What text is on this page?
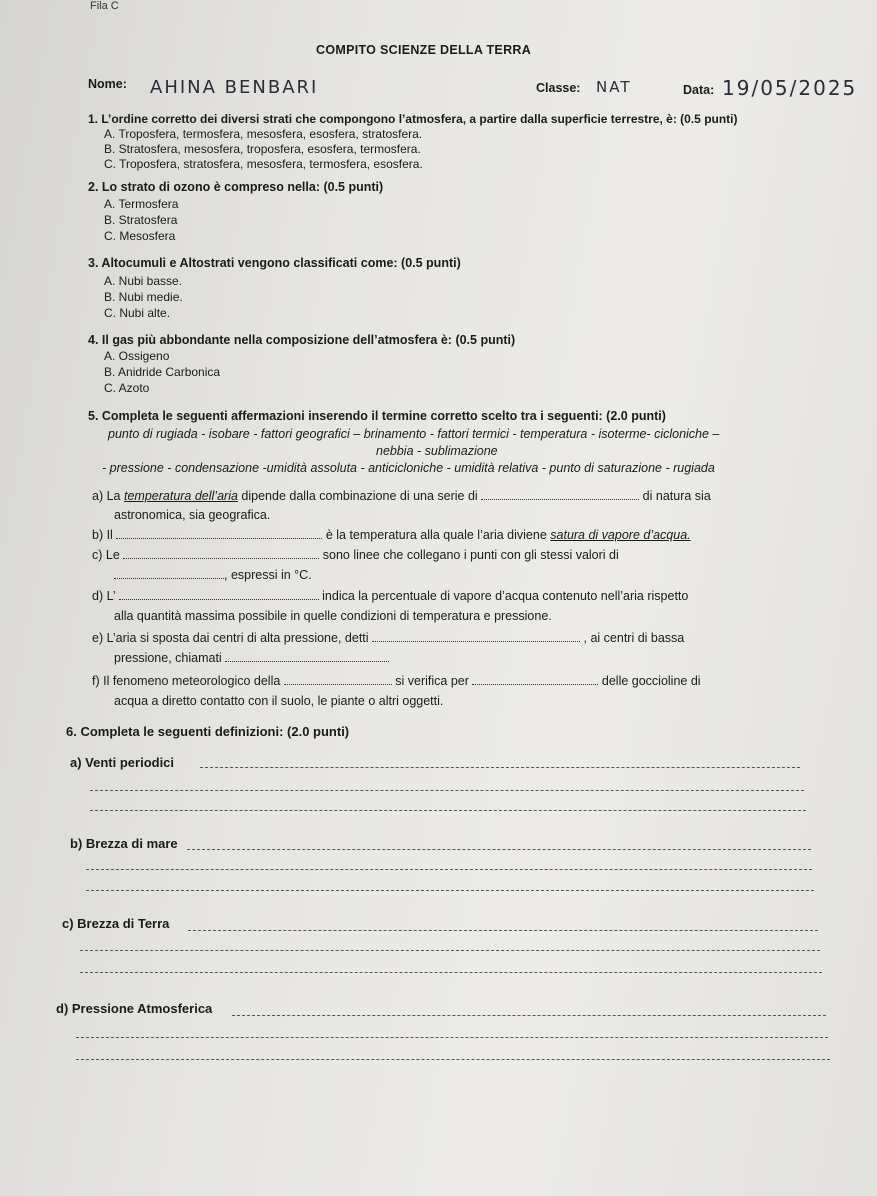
Fila C
COMPITO SCIENZE DELLA TERRA
Nome: AHINA BENBARI	Classe: NAT	Data: 19/05/2025
1. L’ordine corretto dei diversi strati che compongono l’atmosfera, a partire dalla superficie terrestre, è: (0.5 punti)
A. Troposfera, termosfera, mesosfera, esosfera, stratosfera.
B. Stratosfera, mesosfera, troposfera, esosfera, termosfera.
C. Troposfera, stratosfera, mesosfera, termosfera, esosfera.
2. Lo strato di ozono è compreso nella: (0.5 punti)
A. Termosfera
B. Stratosfera
C. Mesosfera
3. Altocumuli e Altostrati vengono classificati come: (0.5 punti)
A. Nubi basse.
B. Nubi medie.
C. Nubi alte.
4. Il gas più abbondante nella composizione dell’atmosfera è: (0.5 punti)
A. Ossigeno
B. Anidride Carbonica
C. Azoto
5. Completa le seguenti affermazioni inserendo il termine corretto scelto tra i seguenti: (2.0 punti)
punto di rugiada - isobare - fattori geografici – brinamento - fattori termici - temperatura - isoterme- cicloniche –
nebbia - sublimazione
- pressione - condensazione -umidità assoluta - anticicloniche - umidità relativa - punto di saturazione - rugiada
a) La temperatura dell’aria dipende dalla combinazione di una serie di	di natura sia
astronomica, sia geografica.
b) Il	è la temperatura alla quale l’aria diviene satura di vapore d’acqua.
c) Le	sono linee che collegano i punti con gli stessi valori di
, espressi in °C.
d) L’	indica la percentuale di vapore d’acqua contenuto nell’aria rispetto
alla quantità massima possibile in quelle condizioni di temperatura e pressione.
e) L’aria si sposta dai centri di alta pressione, detti	, ai centri di bassa
pressione, chiamati
f) Il fenomeno meteorologico della	si verifica per	delle goccioline di
acqua a diretto contatto con il suolo, le piante o altri oggetti.
6. Completa le seguenti definizioni: (2.0 punti)
a) Venti periodici
b) Brezza di mare
c) Brezza di Terra
d) Pressione Atmosferica
